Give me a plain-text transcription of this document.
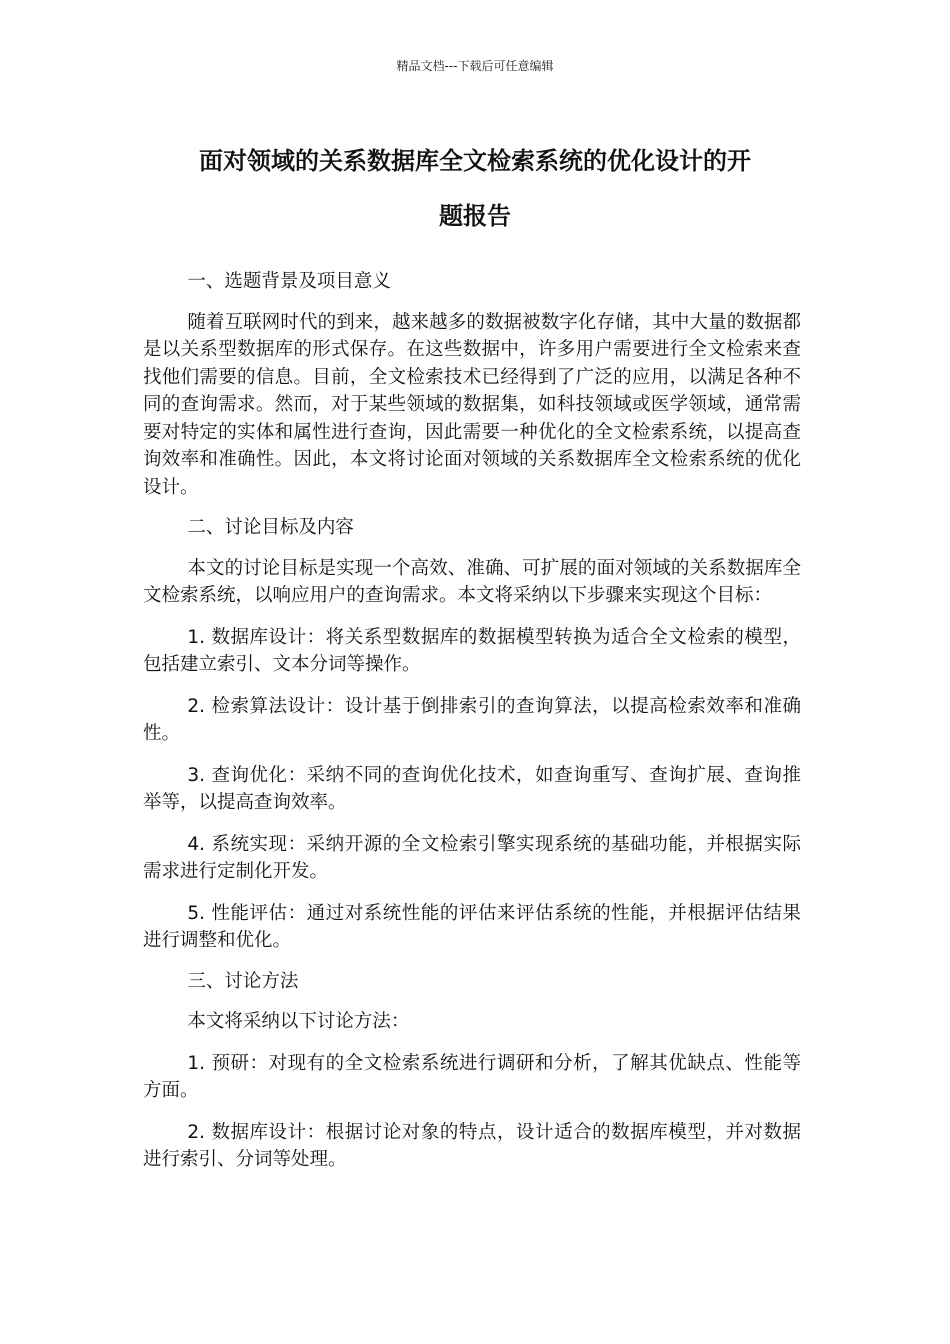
精品文档---下载后可任意编辑
面对领域的关系数据库全文检索系统的优化设计的开
题报告

一、选题背景及项目意义

随着互联网时代的到来，越来越多的数据被数字化存储，其中大量的数据都是以关系型数据库的形式保存。在这些数据中，许多用户需要进行全文检索来查找他们需要的信息。目前，全文检索技术已经得到了广泛的应用，以满足各种不同的查询需求。然而，对于某些领域的数据集，如科技领域或医学领域，通常需要对特定的实体和属性进行查询，因此需要一种优化的全文检索系统，以提高查询效率和准确性。因此，本文将讨论面对领域的关系数据库全文检索系统的优化设计。

二、讨论目标及内容

本文的讨论目标是实现一个高效、准确、可扩展的面对领域的关系数据库全文检索系统，以响应用户的查询需求。本文将采纳以下步骤来实现这个目标：

1. 数据库设计：将关系型数据库的数据模型转换为适合全文检索的模型，包括建立索引、文本分词等操作。

2. 检索算法设计：设计基于倒排索引的查询算法，以提高检索效率和准确性。

3. 查询优化：采纳不同的查询优化技术，如查询重写、查询扩展、查询推举等，以提高查询效率。

4. 系统实现：采纳开源的全文检索引擎实现系统的基础功能，并根据实际需求进行定制化开发。

5. 性能评估：通过对系统性能的评估来评估系统的性能，并根据评估结果进行调整和优化。

三、讨论方法

本文将采纳以下讨论方法：

1. 预研：对现有的全文检索系统进行调研和分析，了解其优缺点、性能等方面。

2. 数据库设计：根据讨论对象的特点，设计适合的数据库模型，并对数据进行索引、分词等处理。
